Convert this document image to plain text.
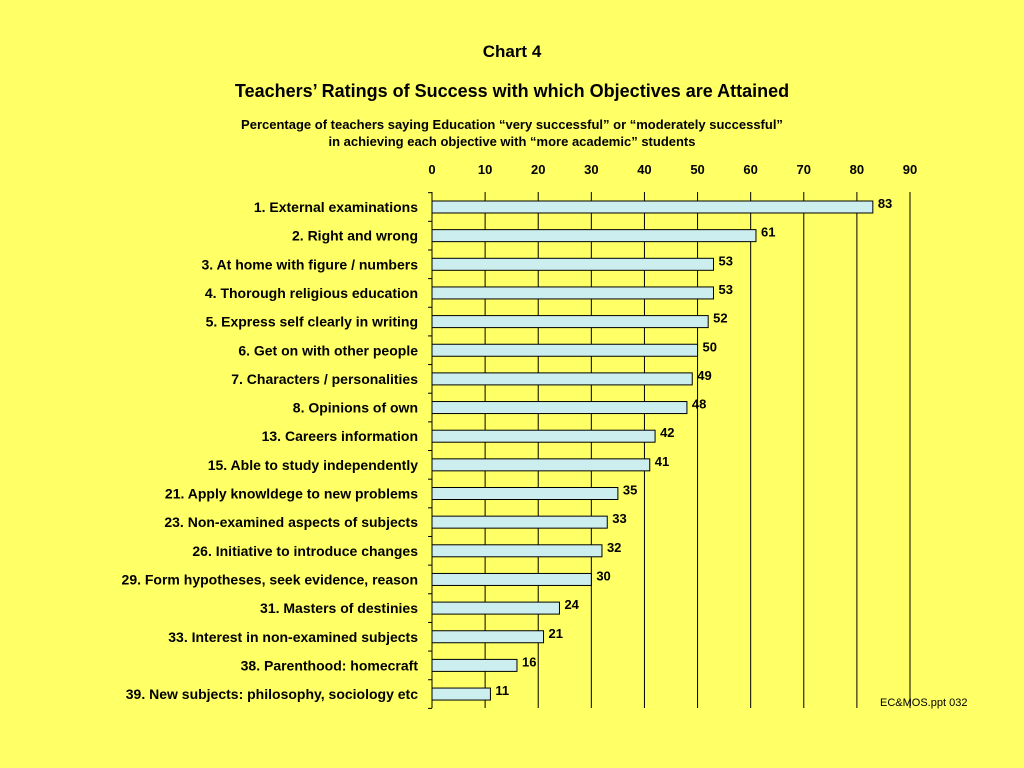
Chart 4
Teachers’ Ratings of Success with which Objectives are Attained
Percentage of teachers saying Education “very successful” or “moderately successful”
in achieving each objective with “more academic” students
0	10	20	30	40	50	60	70	80	90
83
1. External examinations
61
2. Right and wrong
53
3. At home with figure / numbers
53
4. Thorough religious education
52
5. Express self clearly in writing
50
6. Get on with other people
49
7. Characters / personalities
48
8. Opinions of own
42
13. Careers information
41
15. Able to study independently
35
21. Apply knowldege to new problems
33
23. Non-examined aspects of subjects
32
26. Initiative to introduce changes
30
29. Form hypotheses, seek evidence, reason
24
31. Masters of destinies
21
33. Interest in non-examined subjects
16
38. Parenthood: homecraft
11
39. New subjects: philosophy, sociology etc
EC&MOS.ppt 032
